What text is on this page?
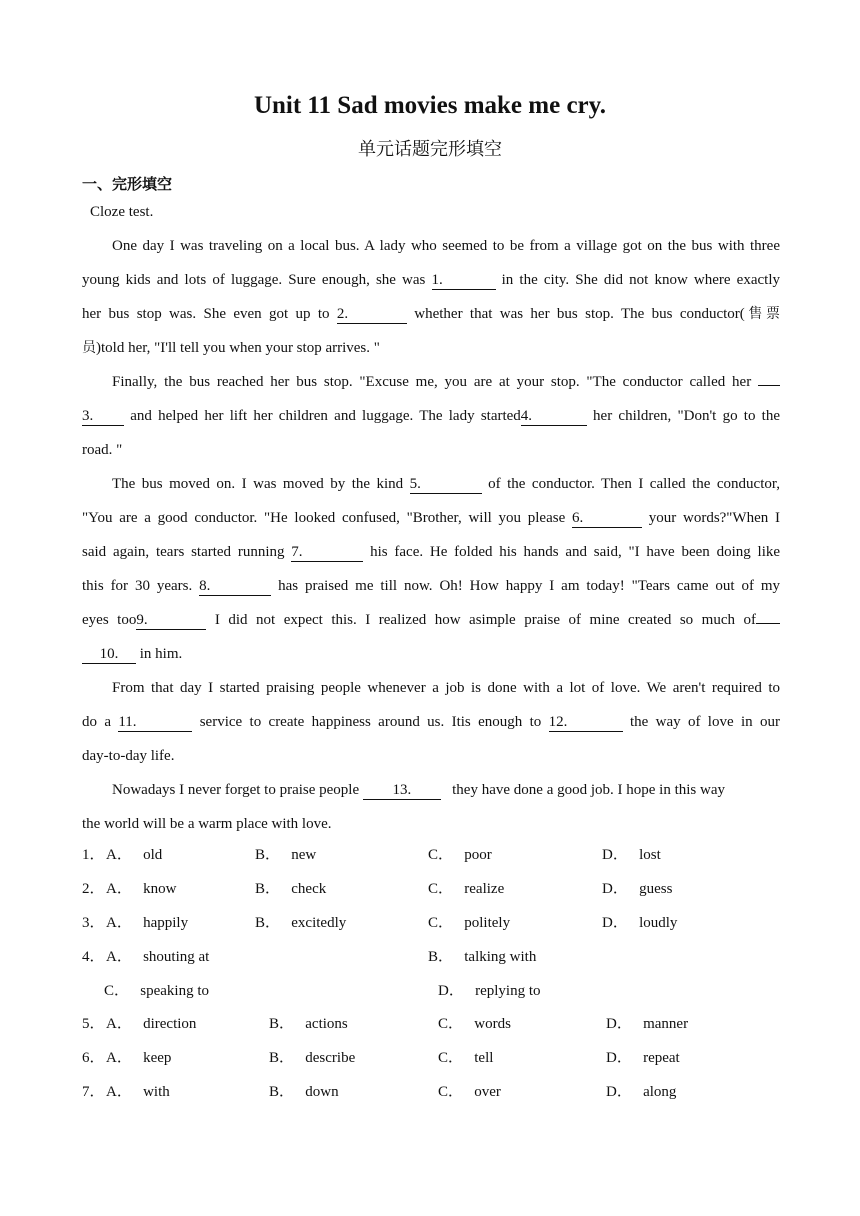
Unit 11 Sad movies make me cry.
单元话题完形填空
一、完形填空
Cloze test.
One day I was traveling on a local bus. A lady who seemed to be from a village got on the bus with three
young kids and lots of luggage. Sure enough, she was 1.	in the city. She did not know where exactly
her bus stop was. She even got up to 2.	whether that was her bus stop. The bus conductor(售票
员)told her, "I'll tell you when your stop arrives. "
Finally, the bus reached her bus stop. "Excuse me, you are at your stop. "The conductor called her
3. and helped her lift her children and luggage. The lady started4.	her children, "Don't go to the
road. "
The bus moved on. I was moved by the kind 5.	of the conductor. Then I called the conductor,
"You are a good conductor. "He looked confused, "Brother, will you please 6.	your words?"When I
said again, tears started running 7.	his face. He folded his hands and said, "I have been doing like
this for 30 years. 8.	has praised me till now. Oh! How happy I am today! "Tears came out of my
eyes too9.	I did not expect this. I realized how asimple praise of mine created so much of
10. in him.
From that day I started praising people whenever a job is done with a lot of love. We aren't required to
do a 11.	service to create happiness around us. Itis enough to 12.	the way of love in our
day-to-day life.
Nowadays I never forget to praise people 13.	they have done a good job. I hope in this way
the world will be a warm place with love.
1． A． old	B． new	C． poor	D． lost
2． A． know	B． check	C． realize	D． guess
3． A． happily	B． excitedly	C． politely	D． loudly
4． A． shouting at	B． talking with
C． speaking to	D． replying to
5． A． direction	B． actions	C． words	D． manner
6． A． keep	B． describe	C． tell	D． repeat
7． A． with	B． down	C． over	D． along
